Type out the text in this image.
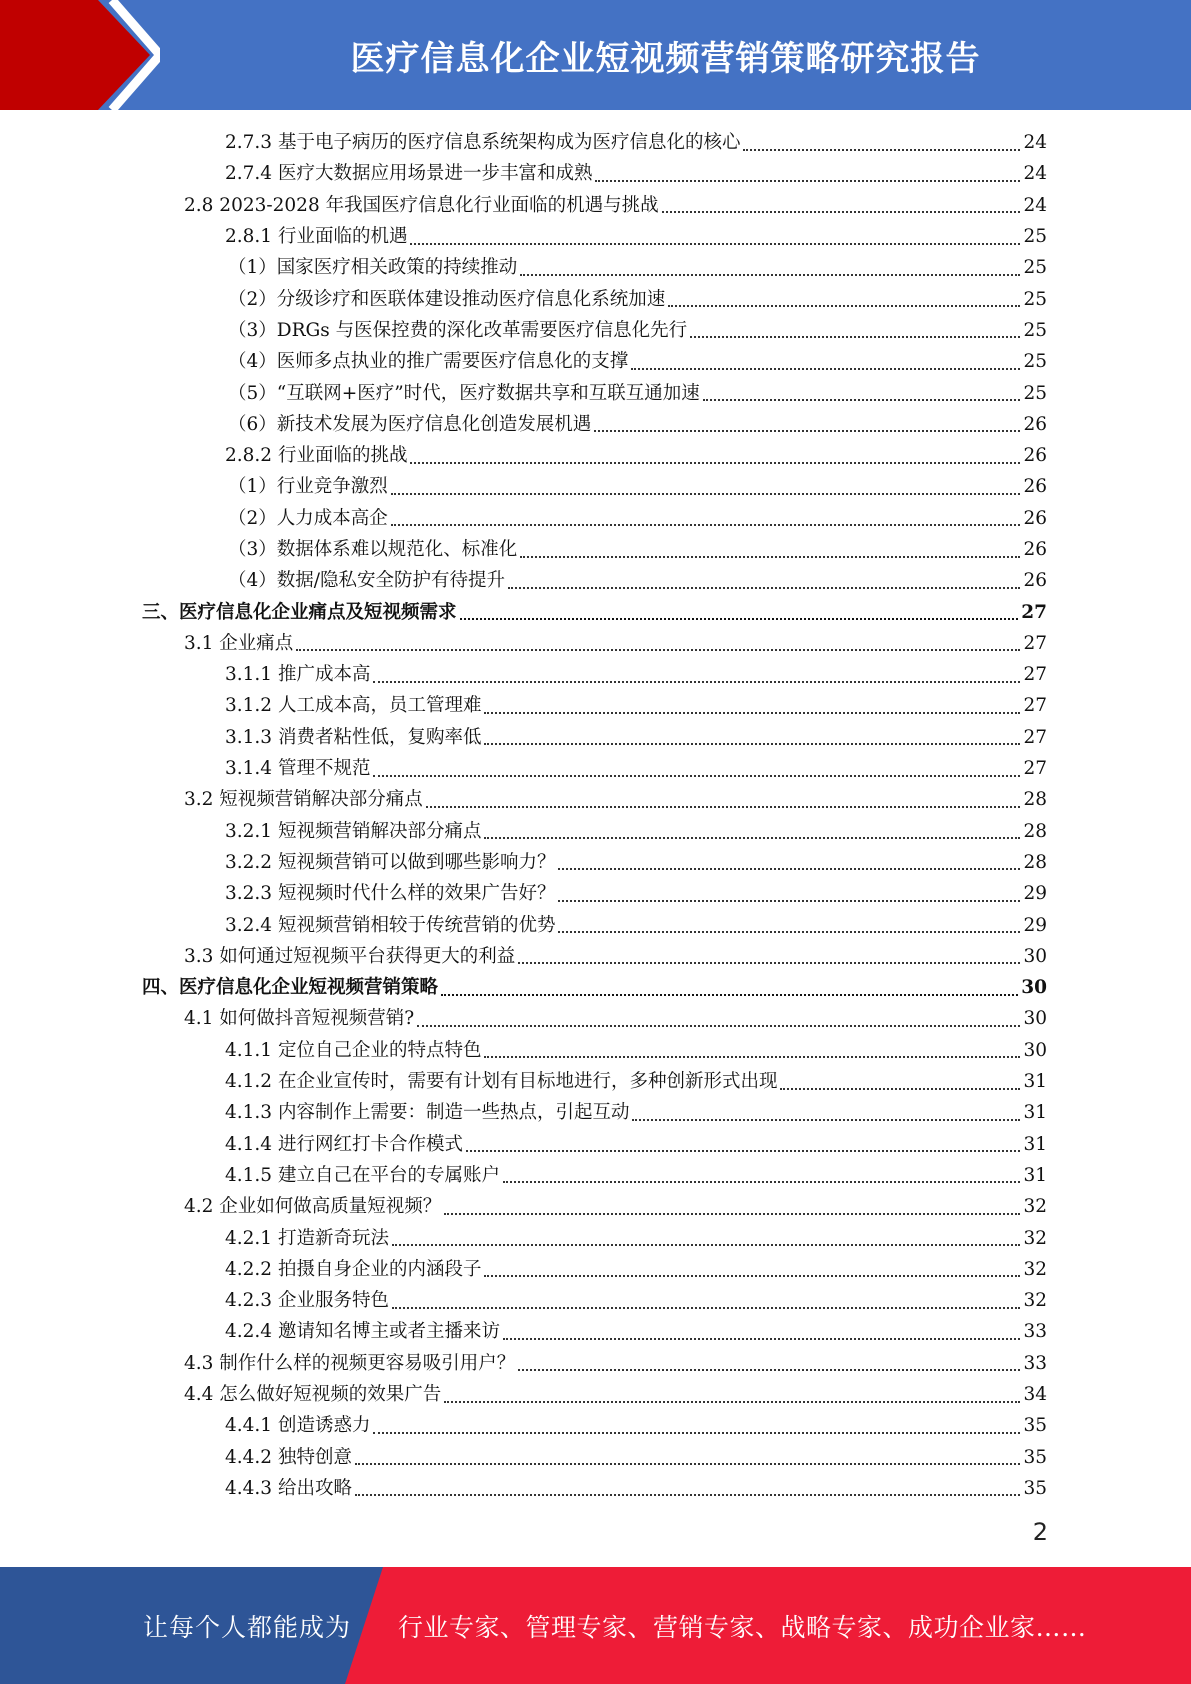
医疗信息化企业短视频营销策略研究报告
2.7.3 基于电子病历的医疗信息系统架构成为医疗信息化的核心	24
2.7.4 医疗大数据应用场景进一步丰富和成熟	24
2.8 2023-2028 年我国医疗信息化行业面临的机遇与挑战	24
2.8.1 行业面临的机遇	25
（1）国家医疗相关政策的持续推动	25
（2）分级诊疗和医联体建设推动医疗信息化系统加速	25
（3）DRGs 与医保控费的深化改革需要医疗信息化先行	25
（4）医师多点执业的推广需要医疗信息化的支撑	25
（5）“互联网+医疗”时代，医疗数据共享和互联互通加速	25
（6）新技术发展为医疗信息化创造发展机遇	26
2.8.2 行业面临的挑战	26
（1）行业竞争激烈	26
（2）人力成本高企	26
（3）数据体系难以规范化、标准化	26
（4）数据/隐私安全防护有待提升	26
三、医疗信息化企业痛点及短视频需求	27
3.1 企业痛点	27
3.1.1 推广成本高	27
3.1.2 人工成本高，员工管理难	27
3.1.3 消费者粘性低，复购率低	27
3.1.4 管理不规范	27
3.2 短视频营销解决部分痛点	28
3.2.1 短视频营销解决部分痛点	28
3.2.2 短视频营销可以做到哪些影响力？	28
3.2.3 短视频时代什么样的效果广告好？	29
3.2.4 短视频营销相较于传统营销的优势	29
3.3 如何通过短视频平台获得更大的利益	30
四、医疗信息化企业短视频营销策略	30
4.1 如何做抖音短视频营销?	30
4.1.1 定位自己企业的特点特色	30
4.1.2 在企业宣传时，需要有计划有目标地进行，多种创新形式出现	31
4.1.3 内容制作上需要：制造一些热点，引起互动	31
4.1.4 进行网红打卡合作模式	31
4.1.5 建立自己在平台的专属账户	31
4.2 企业如何做高质量短视频？	32
4.2.1 打造新奇玩法	32
4.2.2 拍摄自身企业的内涵段子	32
4.2.3 企业服务特色	32
4.2.4 邀请知名博主或者主播来访	33
4.3 制作什么样的视频更容易吸引用户？	33
4.4 怎么做好短视频的效果广告	34
4.4.1 创造诱惑力	35
4.4.2 独特创意	35
4.4.3 给出攻略	35
2
让每个人都能成为 行业专家、管理专家、营销专家、战略专家、成功企业家……
